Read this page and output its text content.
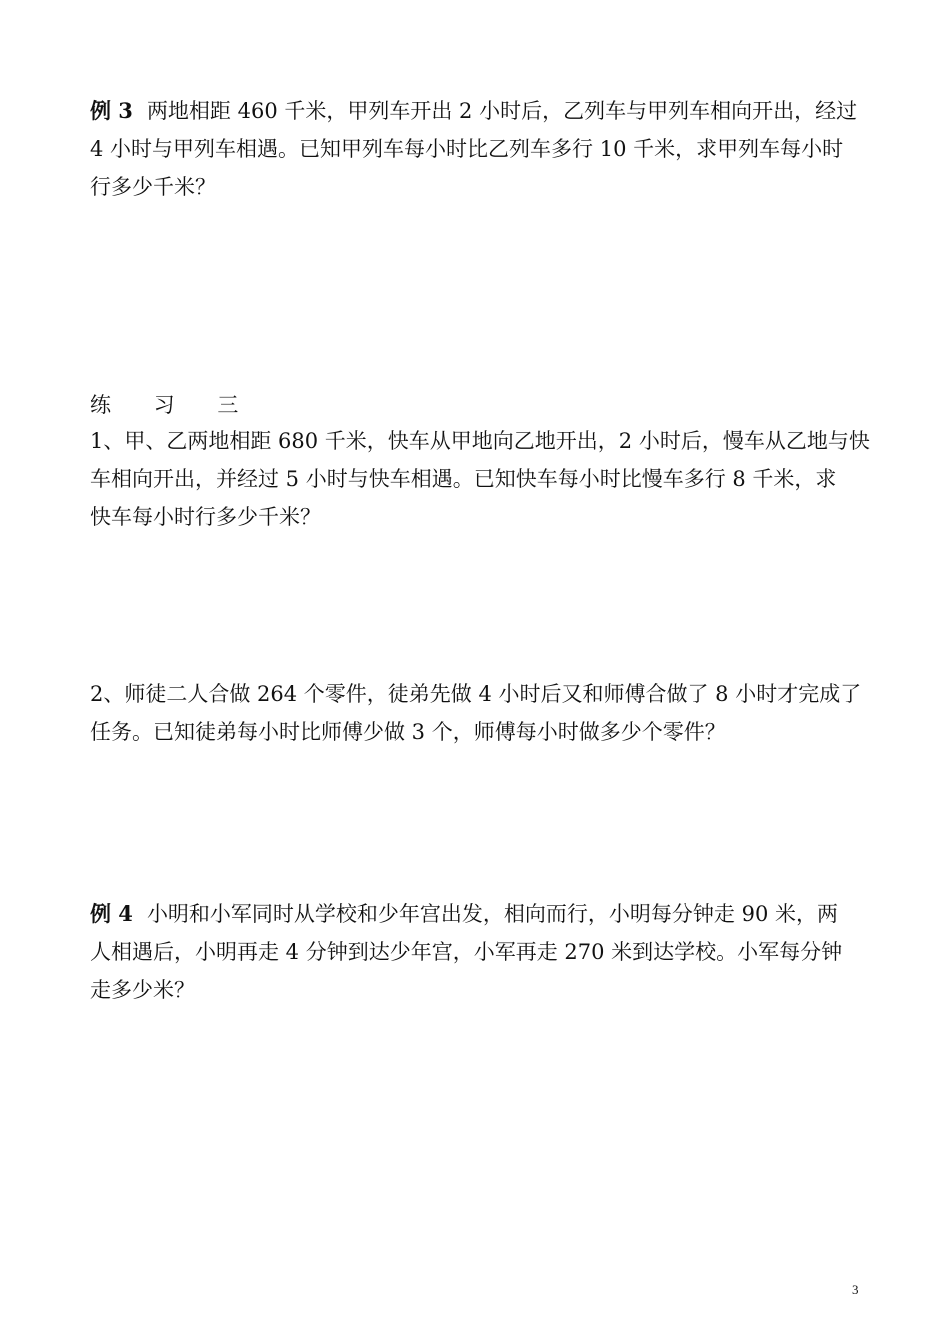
例 3 两地相距 460 千米，甲列车开出 2 小时后，乙列车与甲列车相向开出，经过
4 小时与甲列车相遇。已知甲列车每小时比乙列车多行 10 千米，求甲列车每小时
行多少千米？
练 习 三
1、甲、乙两地相距 680 千米，快车从甲地向乙地开出，2 小时后，慢车从乙地与快
车相向开出，并经过 5 小时与快车相遇。已知快车每小时比慢车多行 8 千米，求
快车每小时行多少千米？
2、师徒二人合做 264 个零件，徒弟先做 4 小时后又和师傅合做了 8 小时才完成了
任务。已知徒弟每小时比师傅少做 3 个，师傅每小时做多少个零件？
例 4 小明和小军同时从学校和少年宫出发，相向而行，小明每分钟走 90 米，两
人相遇后，小明再走 4 分钟到达少年宫，小军再走 270 米到达学校。小军每分钟
走多少米？
3
